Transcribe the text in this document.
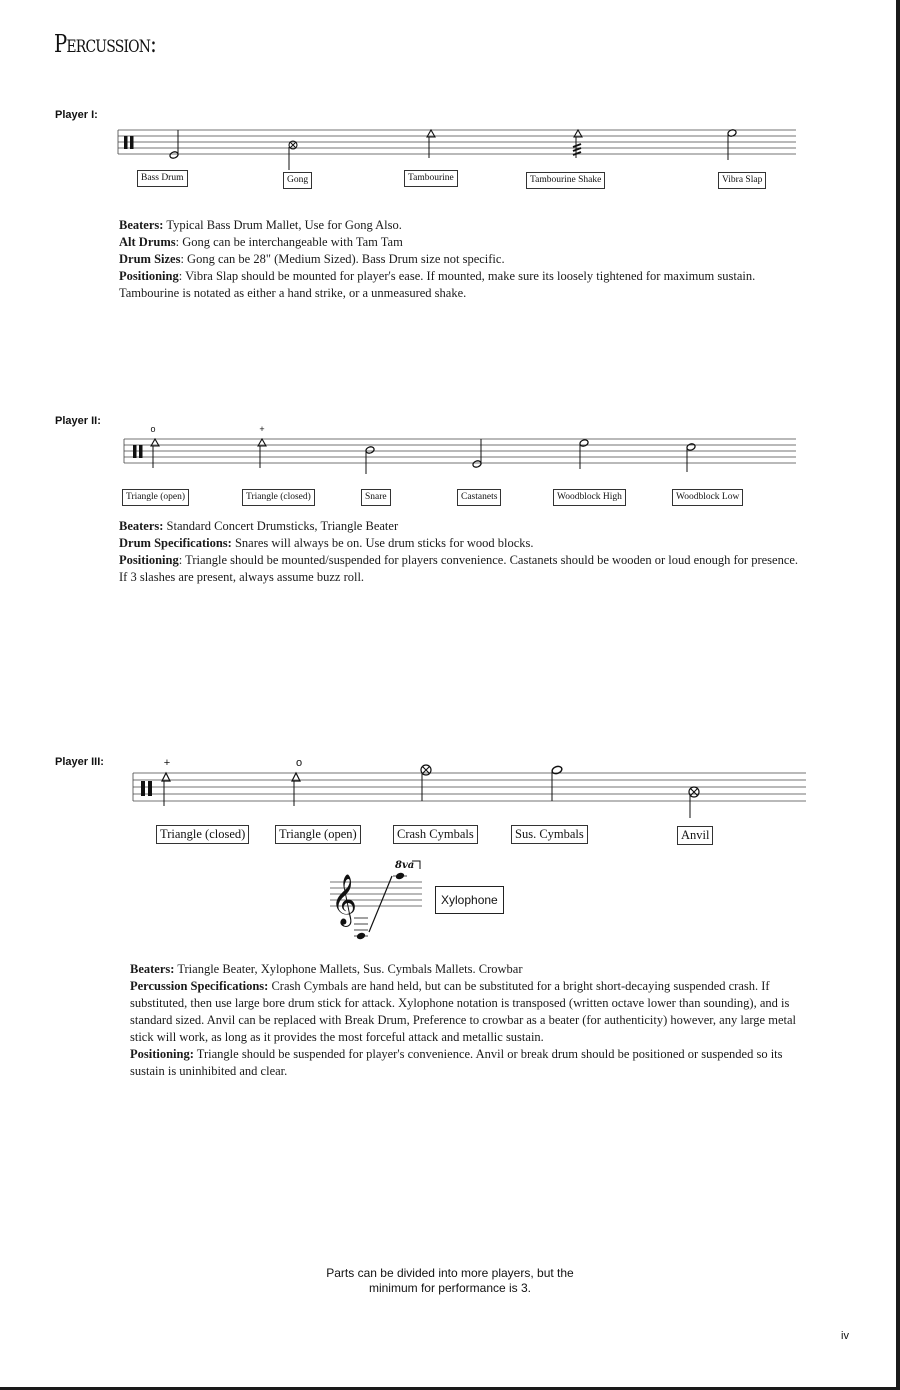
Percussion:
Player I:
Bass Drum	Gong	Tambourine	Tambourine Shake	Vibra Slap

Beaters: Typical Bass Drum Mallet, Use for Gong Also.

Alt Drums: Gong can be interchangeable with Tam Tam

Drum Sizes: Gong can be 28" (Medium Sized). Bass Drum size not specific.

Positioning: Vibra Slap should be mounted for player's ease. If mounted, make sure its loosely tightened for maximum sustain. Tambourine is notated as either a hand strike, or a unmeasured shake.

Player II:
o	+
Triangle (open)	Triangle (closed)	Snare	Castanets	Woodblock High	Woodblock Low

Beaters: Standard Concert Drumsticks, Triangle Beater

Drum Specifications: Snares will always be on. Use drum sticks for wood blocks.

Positioning: Triangle should be mounted/suspended for players convenience. Castanets should be wooden or loud enough for presence.

If 3 slashes are present, always assume buzz roll.

Player III:	+	o
Triangle (closed)	Triangle (open)	Crash Cymbals	Sus. Cymbals	Anvil
𝄞
8va
Xylophone

Beaters: Triangle Beater, Xylophone Mallets, Sus. Cymbals Mallets. Crowbar

Percussion Specifications: Crash Cymbals are hand held, but can be substituted for a bright short-decaying suspended crash. If substituted, then use large bore drum stick for attack. Xylophone notation is transposed (written octave lower than sounding), and is standard sized. Anvil can be replaced with Break Drum, Preference to crowbar as a beater (for authenticity) however, any large metal stick will work, as long as it provides the most forceful attack and metallic sustain.

Positioning: Triangle should be suspended for player's convenience. Anvil or break drum should be positioned or suspended so its sustain is uninhibited and clear.

Parts can be divided into more players, but the
minimum for performance is 3.
iv
